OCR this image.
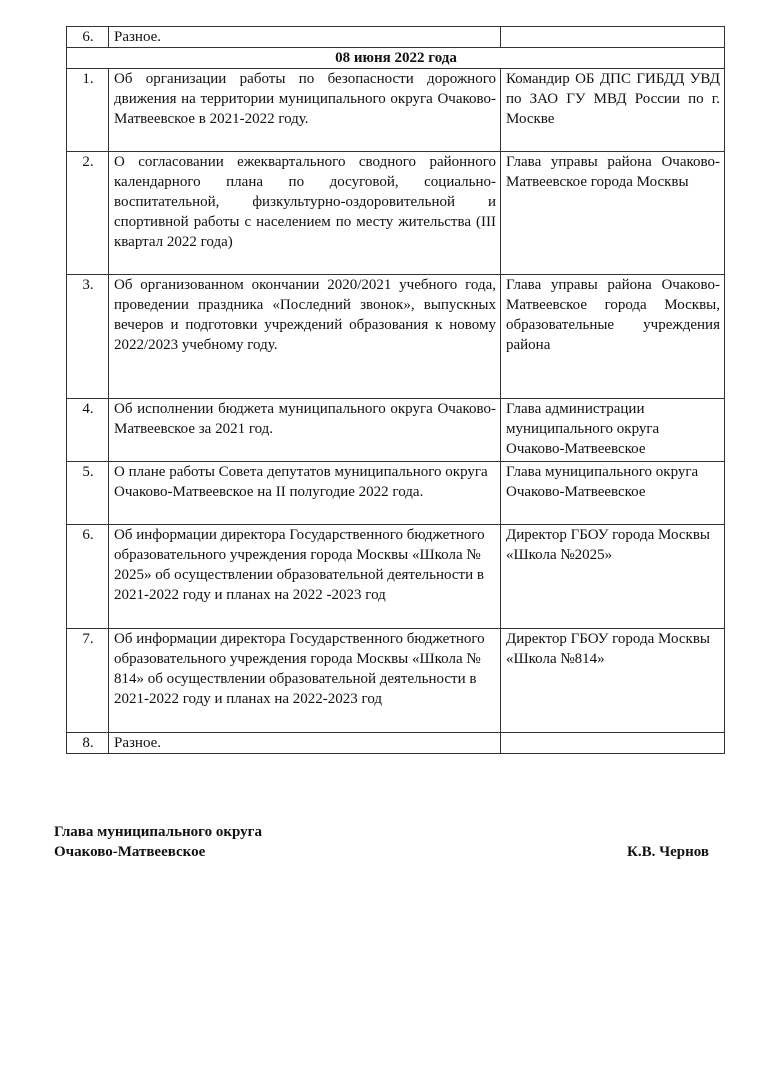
6.	Разное.	
08 июня 2022 года		
1.	Об организации работы по безопасности дорожного движения на территории муниципального округа Очаково-Матвеевское в 2021-2022 году.	Командир ОБ ДПС ГИБДД УВД по ЗАО ГУ МВД России по г. Москве
2.	О согласовании ежеквартального сводного районного календарного плана по досуговой, социально-воспитательной, физкультурно-оздоровительной и спортивной работы с населением по месту жительства (III квартал 2022 года)	Глава управы района Очаково-Матвеевское города Москвы
3.	Об организованном окончании 2020/2021 учебного года, проведении праздника «Последний звонок», выпускных вечеров и подготовки учреждений образования к новому 2022/2023 учебному году.	Глава управы района Очаково-Матвеевское города Москвы, образовательные учреждения района
4.	Об исполнении бюджета муниципального округа Очаково-Матвеевское за 2021 год.	Глава администрации муниципального округа Очаково-Матвеевское
5.	О плане работы Совета депутатов муниципального округа Очаково-Матвеевское на II полугодие 2022 года.	Глава муниципального округа Очаково-Матвеевское
6.	Об информации директора Государственного бюджетного образовательного учреждения города Москвы «Школа № 2025» об осуществлении образовательной деятельности в 2021-2022 году и планах на 2022 -2023 год	Директор ГБОУ города Москвы «Школа №2025»
7.	Об информации директора Государственного бюджетного образовательного учреждения города Москвы «Школа № 814» об осуществлении образовательной деятельности в 2021-2022 году и планах на 2022-2023 год	Директор ГБОУ города Москвы «Школа №814»
8.	Разное.	
Глава муниципального округа
Очаково-Матвеевское	К.В. Чернов
